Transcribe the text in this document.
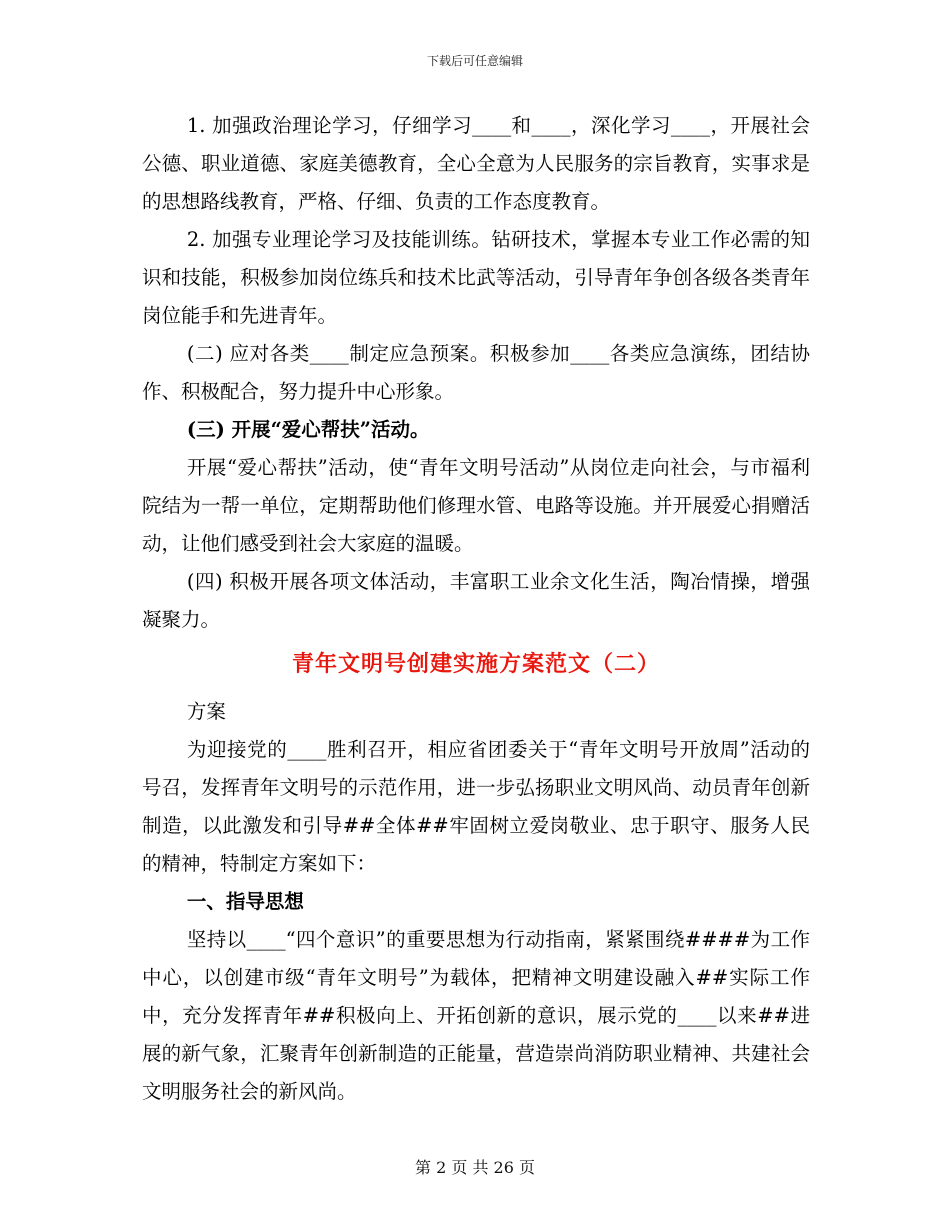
下载后可任意编辑

1. 加强政治理论学习，仔细学习____和____，深化学习____，开展社会公德、职业道德、家庭美德教育，全心全意为人民服务的宗旨教育，实事求是的思想路线教育，严格、仔细、负责的工作态度教育。

2. 加强专业理论学习及技能训练。钻研技术，掌握本专业工作必需的知识和技能，积极参加岗位练兵和技术比武等活动，引导青年争创各级各类青年岗位能手和先进青年。

(二) 应对各类____制定应急预案。积极参加____各类应急演练，团结协作、积极配合，努力提升中心形象。

(三) 开展“爱心帮扶”活动。

开展“爱心帮扶”活动，使“青年文明号活动”从岗位走向社会，与市福利院结为一帮一单位，定期帮助他们修理水管、电路等设施。并开展爱心捐赠活动，让他们感受到社会大家庭的温暖。

(四) 积极开展各项文体活动，丰富职工业余文化生活，陶冶情操，增强凝聚力。

青年文明号创建实施方案范文（二）

方案

为迎接党的____胜利召开，相应省团委关于“青年文明号开放周”活动的号召，发挥青年文明号的示范作用，进一步弘扬职业文明风尚、动员青年创新制造，以此激发和引导##全体##牢固树立爱岗敬业、忠于职守、服务人民的精神，特制定方案如下：

一、指导思想

坚持以____“四个意识”的重要思想为行动指南，紧紧围绕####为工作中心，以创建市级“青年文明号”为载体，把精神文明建设融入##实际工作中，充分发挥青年##积极向上、开拓创新的意识，展示党的____以来##进展的新气象，汇聚青年创新制造的正能量，营造崇尚消防职业精神、共建社会文明服务社会的新风尚。

第 2 页 共 26 页
